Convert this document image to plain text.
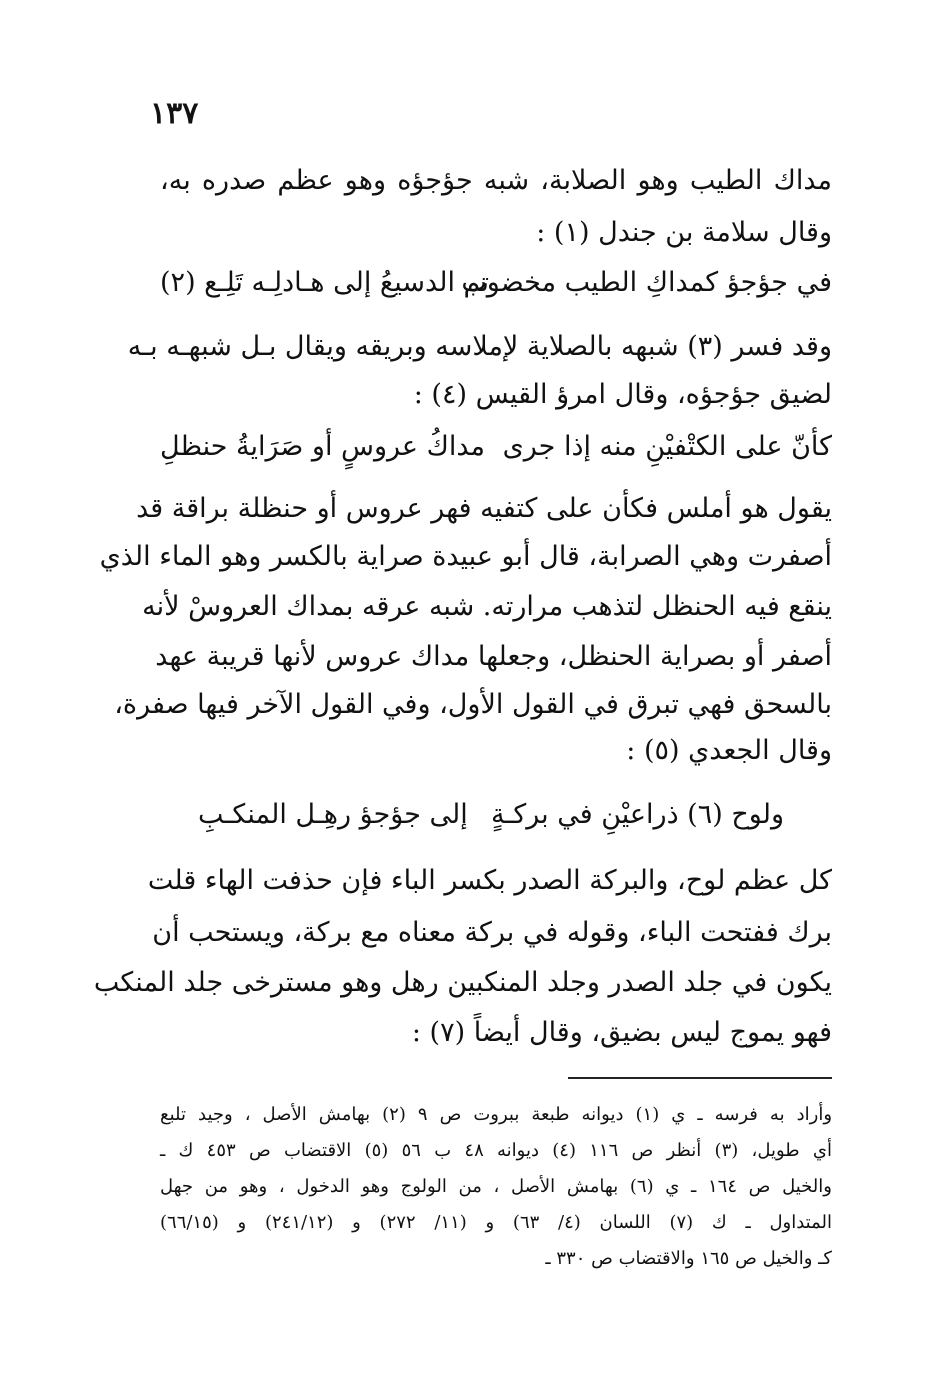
١٣٧
مداك الطيب وهو الصلابة، شبه جؤجؤه وهو عظم صدره به،
وقال سلامة بن جندل (١) :
في جؤجؤ كمداكِ الطيب مخضوب
تم الدسيعُ إلى هـادلِـه تَلِـع (٢)
وقد فسر (٣) شبهه بالصلاية لإملاسه وبريقه ويقال بـل شبهـه بـه
لضيق جؤجؤه، وقال امرؤ القيس (٤) :
كأنّ على الكتْفيْنِ منه إذا جرى
مداكُ عروسٍ أو صَرَايةُ حنظلِ
يقول هو أملس فكأن على كتفيه فهر عروس أو حنظلة براقة قد
أصفرت وهي الصرابة، قال أبو عبيدة صراية بالكسر وهو الماء الذي
ينقع فيه الحنظل لتذهب مرارته. شبه عرقه بمداك العروسْ لأنه
أصفر أو بصراية الحنظل، وجعلها مداك عروس لأنها قريبة عهد
بالسحق فهي تبرق في القول الأول، وفي القول الآخر فيها صفرة،
وقال الجعدي (٥) :
ولوح (٦) ذراعيْنِ في بركـةٍ
إلى جؤجؤ رهِـل المنكـبِ
كل عظم لوح، والبركة الصدر بكسر الباء فإن حذفت الهاء قلت
برك ففتحت الباء، وقوله في بركة معناه مع بركة، ويستحب أن
يكون في جلد الصدر وجلد المنكبين رهل وهو مسترخى جلد المنكب
فهو يموج ليس بضيق، وقال أيضاً (٧) :
وأراد به فرسه ـ ي (١) ديوانه طبعة ببروت ص ٩ (٢) بهامش الأصل ، وجيد تلبع
أي طويل، (٣) أنظر ص ١١٦ (٤) ديوانه ٤٨ ب ٥٦ (٥) الاقتضاب ص ٤٥٣ ك ـ
والخيل ص ١٦٤ ـ ي (٦) بهامش الأصل ، من الولوج وهو الدخول ، وهو من جهل
المتداول ـ ك (٧) اللسان (٤/ ٦٣) و (١١/ ٢٧٢) و (٢٤١/١٢) و (٦٦/١٥)
كـ والخيل ص ١٦٥ والاقتضاب ص ٣٣٠ ـ
